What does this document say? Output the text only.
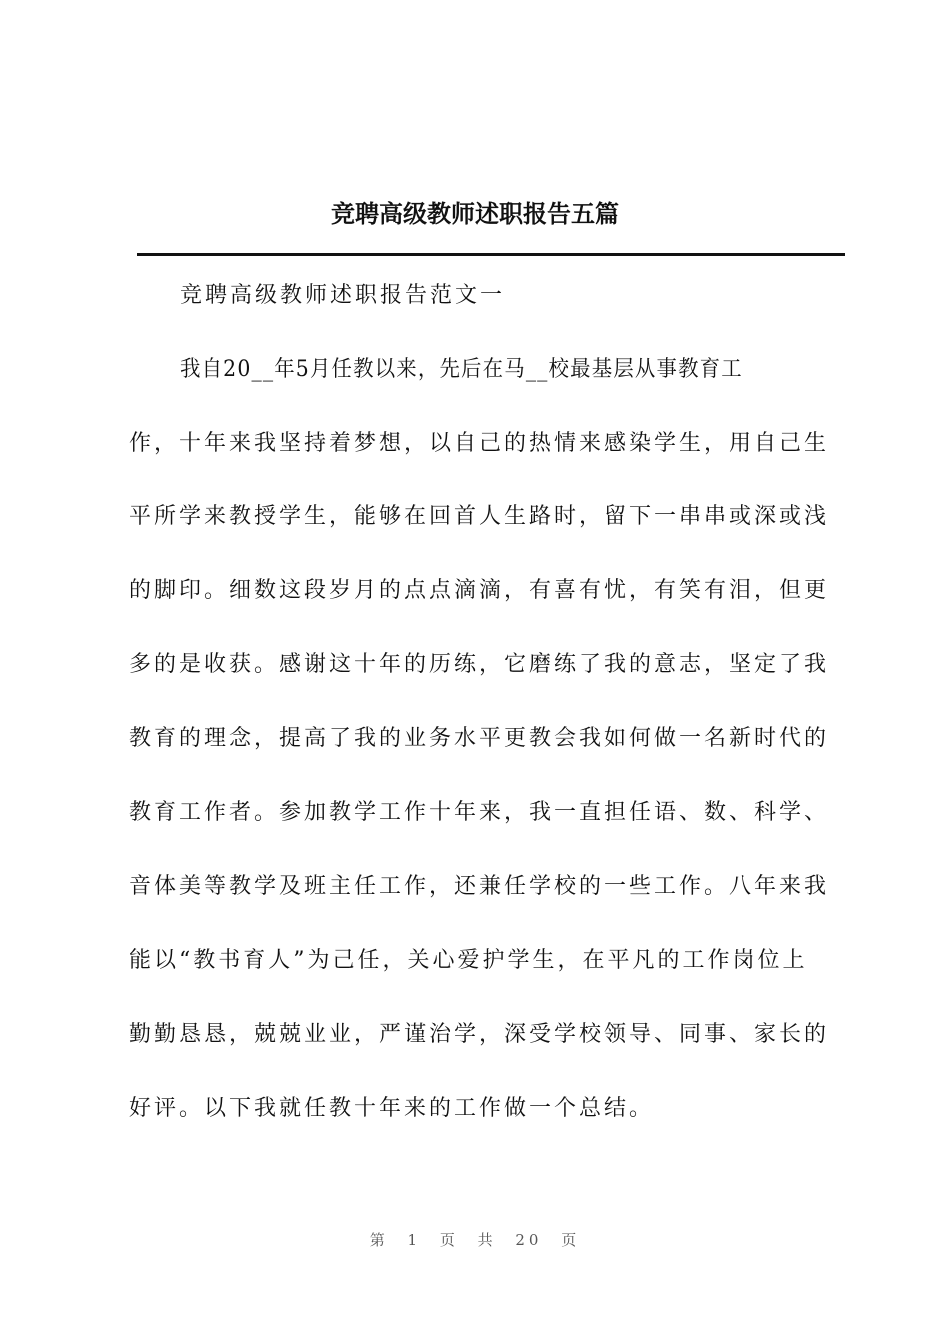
竞聘高级教师述职报告五篇
竞聘高级教师述职报告范文一
我自20__年5月任教以来，先后在马__校最基层从事教育工
作，十年来我坚持着梦想，以自己的热情来感染学生，用自己生
平所学来教授学生，能够在回首人生路时，留下一串串或深或浅
的脚印。细数这段岁月的点点滴滴，有喜有忧，有笑有泪，但更
多的是收获。感谢这十年的历练，它磨练了我的意志，坚定了我
教育的理念，提高了我的业务水平更教会我如何做一名新时代的
教育工作者。参加教学工作十年来，我一直担任语、数、科学、
音体美等教学及班主任工作，还兼任学校的一些工作。八年来我
能以“教书育人”为己任，关心爱护学生，在平凡的工作岗位上
勤勤恳恳，兢兢业业，严谨治学，深受学校领导、同事、家长的
好评。以下我就任教十年来的工作做一个总结。
第 1 页 共 20 页
